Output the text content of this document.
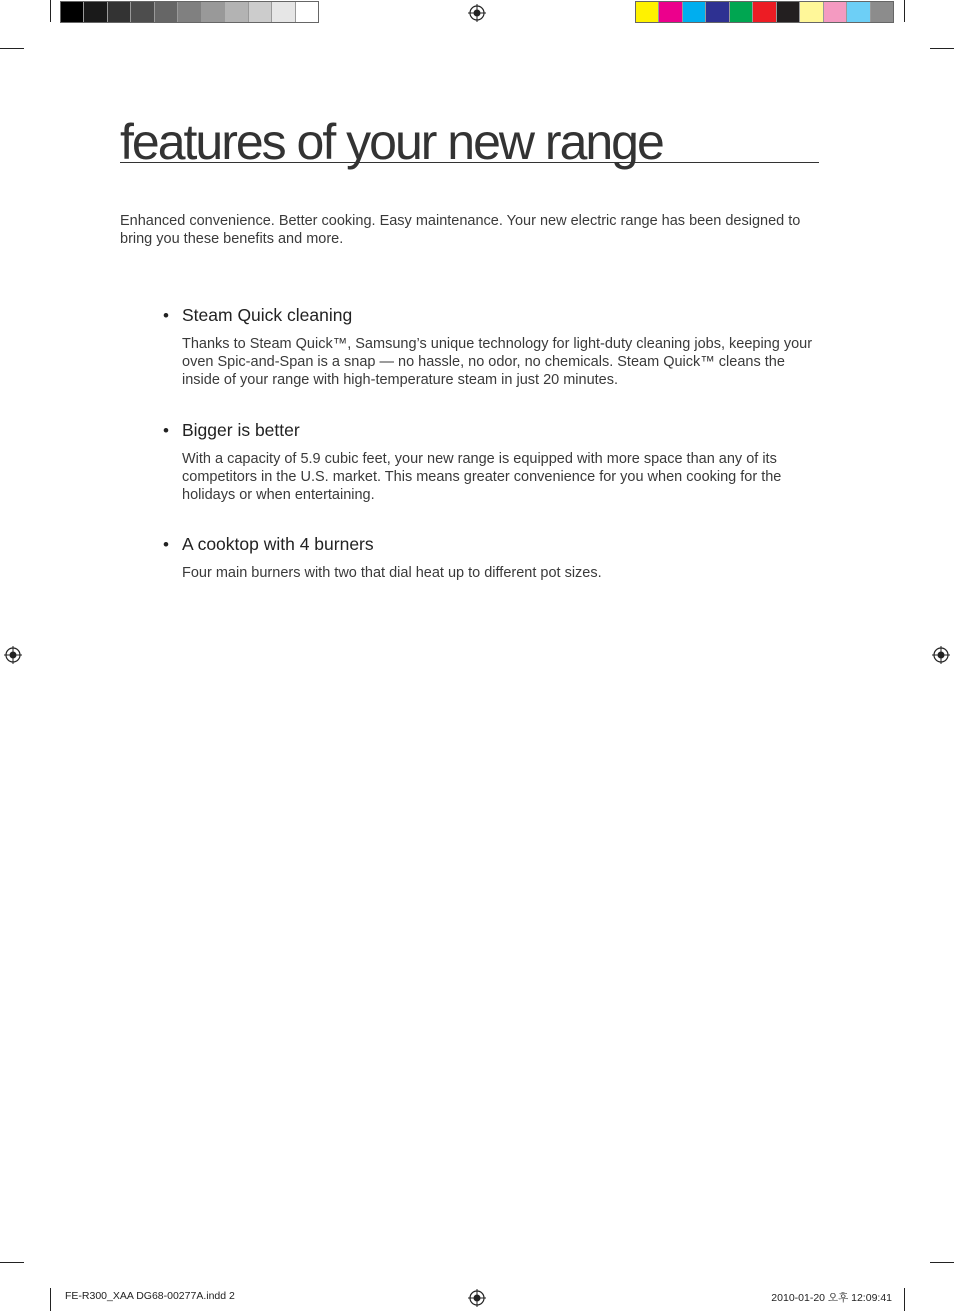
features of your new range
Enhanced convenience. Better cooking. Easy maintenance. Your new electric range has been designed to bring you these benefits and more.
• Steam Quick cleaning
Thanks to Steam Quick™, Samsung’s unique technology for light-duty cleaning jobs, keeping your oven Spic-and-Span is a snap — no hassle, no odor, no chemicals. Steam Quick™ cleans the inside of your range with high-temperature steam in just 20 minutes.
• Bigger is better
With a capacity of 5.9 cubic feet, your new range is equipped with more space than any of its competitors in the U.S. market. This means greater convenience for you when cooking for the holidays or when entertaining.
• A cooktop with 4 burners
Four main burners with two that dial heat up to different pot sizes.
FE-R300_XAA DG68-00277A.indd 2	2010-01-20 오후 12:09:41
